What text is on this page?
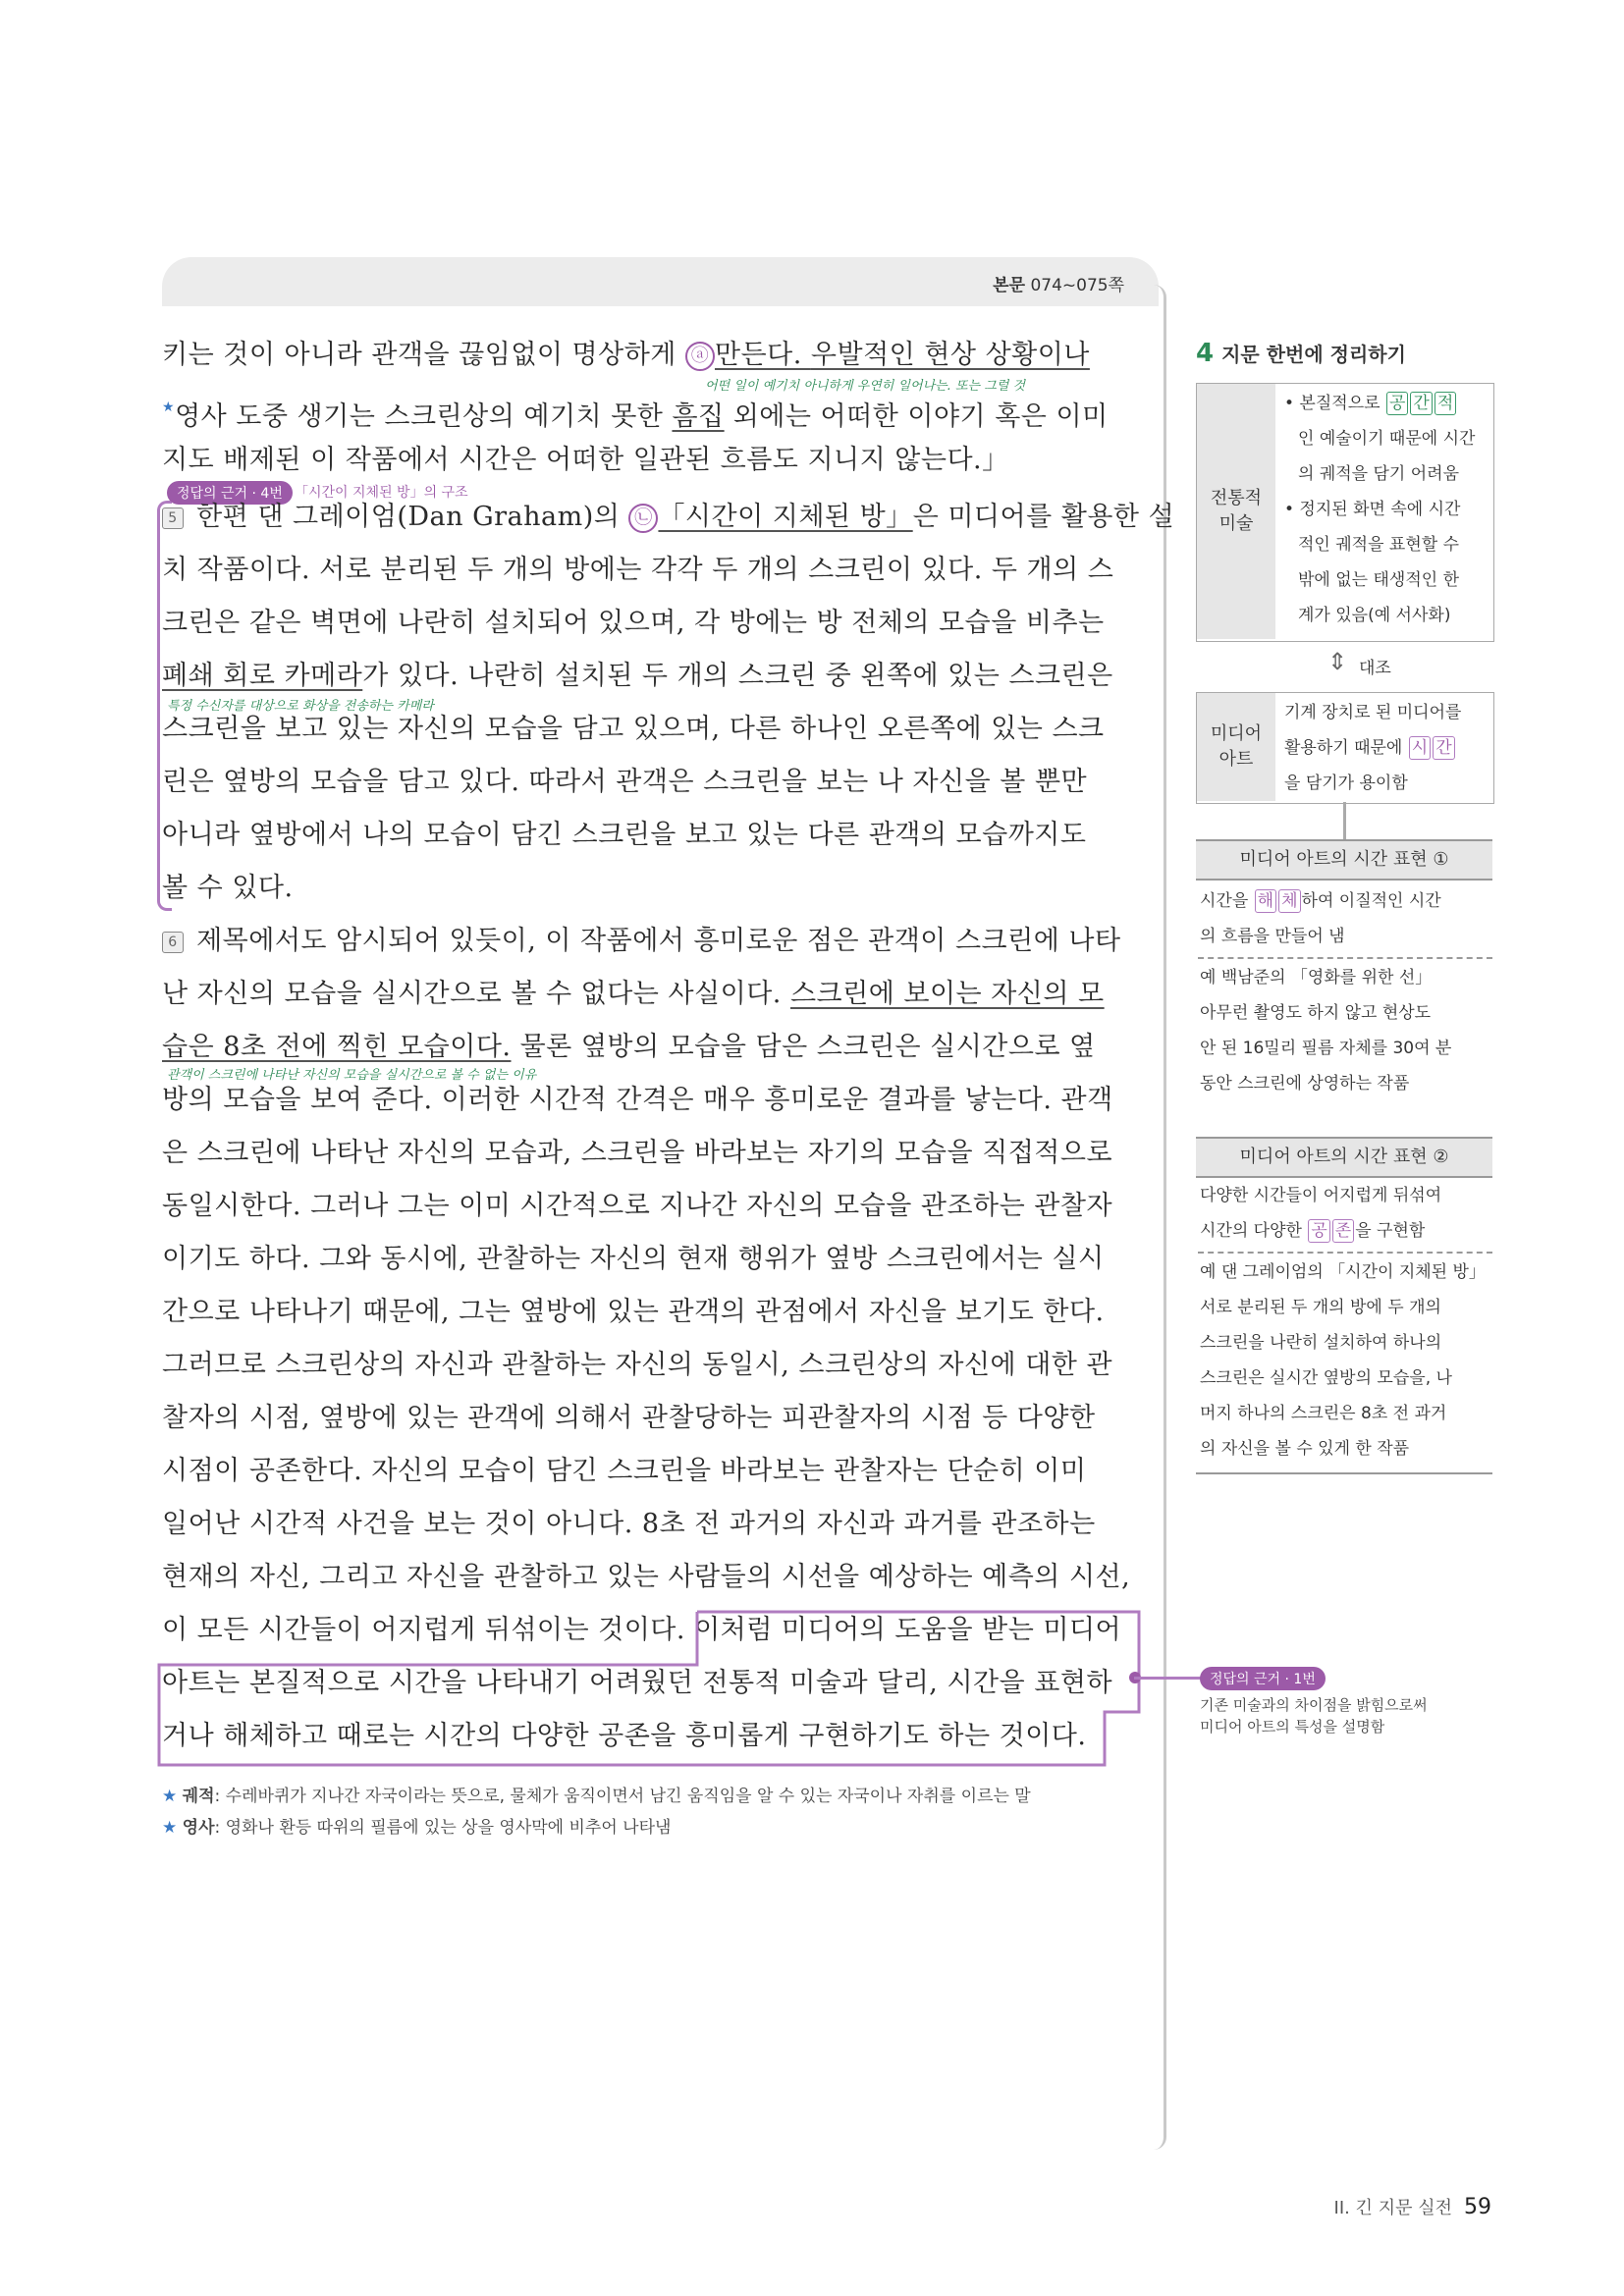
본문 074~075쪽
키는 것이 아니라 관객을 끊임없이 명상하게 ⓐ 만든다. 우발적인 현상 상황이나
어떤 일이 예기치 아니하게 우연히 일어나는. 또는 그럴 것
★영사 도중 생기는 스크린상의 예기치 못한 흠집 외에는 어떠한 이야기 혹은 이미
지도 배제된 이 작품에서 시간은 어떠한 일관된 흐름도 지니지 않는다.」
정답의 근거 · 4번 「시간이 지체된 방」의 구조
5 한편 댄 그레이엄(Dan Graham)의 ㉡ 「시간이 지체된 방」은 미디어를 활용한 설
치 작품이다. 서로 분리된 두 개의 방에는 각각 두 개의 스크린이 있다. 두 개의 스
크린은 같은 벽면에 나란히 설치되어 있으며, 각 방에는 방 전체의 모습을 비추는
폐쇄 회로 카메라가 있다. 나란히 설치된 두 개의 스크린 중 왼쪽에 있는 스크린은
특정 수신자를 대상으로 화상을 전송하는 카메라
스크린을 보고 있는 자신의 모습을 담고 있으며, 다른 하나인 오른쪽에 있는 스크
린은 옆방의 모습을 담고 있다. 따라서 관객은 스크린을 보는 나 자신을 볼 뿐만
아니라 옆방에서 나의 모습이 담긴 스크린을 보고 있는 다른 관객의 모습까지도
볼 수 있다.
6 제목에서도 암시되어 있듯이, 이 작품에서 흥미로운 점은 관객이 스크린에 나타
난 자신의 모습을 실시간으로 볼 수 없다는 사실이다. 스크린에 보이는 자신의 모
습은 8초 전에 찍힌 모습이다. 물론 옆방의 모습을 담은 스크린은 실시간으로 옆
관객이 스크린에 나타난 자신의 모습을 실시간으로 볼 수 없는 이유
방의 모습을 보여 준다. 이러한 시간적 간격은 매우 흥미로운 결과를 낳는다. 관객
은 스크린에 나타난 자신의 모습과, 스크린을 바라보는 자기의 모습을 직접적으로
동일시한다. 그러나 그는 이미 시간적으로 지나간 자신의 모습을 관조하는 관찰자
이기도 하다. 그와 동시에, 관찰하는 자신의 현재 행위가 옆방 스크린에서는 실시
간으로 나타나기 때문에, 그는 옆방에 있는 관객의 관점에서 자신을 보기도 한다.
그러므로 스크린상의 자신과 관찰하는 자신의 동일시, 스크린상의 자신에 대한 관
찰자의 시점, 옆방에 있는 관객에 의해서 관찰당하는 피관찰자의 시점 등 다양한
시점이 공존한다. 자신의 모습이 담긴 스크린을 바라보는 관찰자는 단순히 이미
일어난 시간적 사건을 보는 것이 아니다. 8초 전 과거의 자신과 과거를 관조하는
현재의 자신, 그리고 자신을 관찰하고 있는 사람들의 시선을 예상하는 예측의 시선,
이 모든 시간들이 어지럽게 뒤섞이는 것이다. 이처럼 미디어의 도움을 받는 미디어
아트는 본질적으로 시간을 나타내기 어려웠던 전통적 미술과 달리, 시간을 표현하
거나 해체하고 때로는 시간의 다양한 공존을 흥미롭게 구현하기도 하는 것이다.
정답의 근거 · 1번
기존 미술과의 차이점을 밝힘으로써
미디어 아트의 특성을 설명함
★ 궤적: 수레바퀴가 지나간 자국이라는 뜻으로, 물체가 움직이면서 남긴 움직임을 알 수 있는 자국이나 자취를 이르는 말
★ 영사: 영화나 환등 따위의 필름에 있는 상을 영사막에 비추어 나타냄
4 지문 한번에 정리하기
전통적
미술
• 본질적으로 공 간 적
인 예술이기 때문에 시간
의 궤적을 담기 어려움
• 정지된 화면 속에 시간
적인 궤적을 표현할 수
밖에 없는 태생적인 한
계가 있음(예 서사화)
⇕ 대조
미디어
아트
기계 장치로 된 미디어를
활용하기 때문에 시 간
을 담기가 용이함
미디어 아트의 시간 표현 ①
시간을 해 체 하여 이질적인 시간
의 흐름을 만들어 냄
예 백남준의 「영화를 위한 선」
아무런 촬영도 하지 않고 현상도
안 된 16밀리 필름 자체를 30여 분
동안 스크린에 상영하는 작품
미디어 아트의 시간 표현 ②
다양한 시간들이 어지럽게 뒤섞여
시간의 다양한 공 존 을 구현함
예 댄 그레이엄의 「시간이 지체된 방」
서로 분리된 두 개의 방에 두 개의
스크린을 나란히 설치하여 하나의
스크린은 실시간 옆방의 모습을, 나
머지 하나의 스크린은 8초 전 과거
의 자신을 볼 수 있게 한 작품
II. 긴 지문 실전 59
